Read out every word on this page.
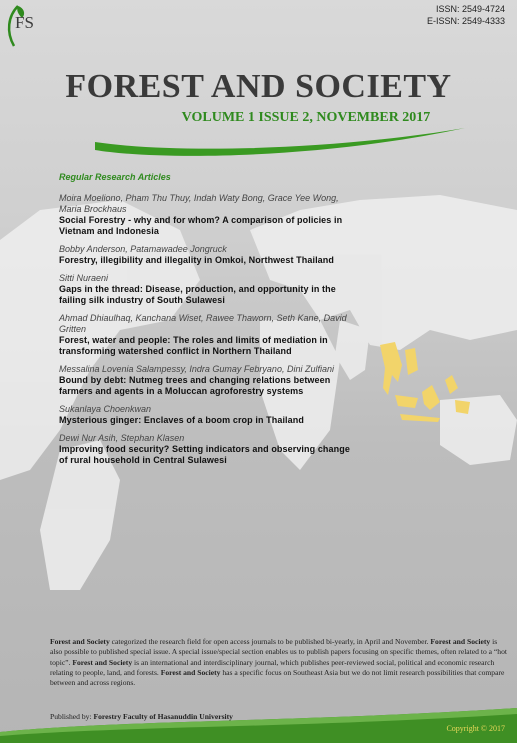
FS
ISSN: 2549-4724
E-ISSN: 2549-4333
FOREST AND SOCIETY
VOLUME 1 ISSUE 2, NOVEMBER 2017
Regular Research Articles
Moira Moeliono, Pham Thu Thuy, Indah Waty Bong, Grace Yee Wong, Maria Brockhaus
Social Forestry - why and for whom? A comparison of policies in Vietnam and Indonesia
Bobby Anderson, Patamawadee Jongruck
Forestry, illegibility and illegality in Omkoi, Northwest Thailand
Sitti Nuraeni
Gaps in the thread: Disease, production, and opportunity in the failing silk industry of South Sulawesi
Ahmad Dhiaulhaq, Kanchana Wiset, Rawee Thaworn, Seth Kane, David Gritten
Forest, water and people: The roles and limits of mediation in transforming watershed conflict in Northern Thailand
Messalina Lovenia Salampessy, Indra Gumay Febryano, Dini Zulfiani
Bound by debt: Nutmeg trees and changing relations between farmers and agents in a Moluccan agroforestry systems
Sukanlaya Choenkwan
Mysterious ginger: Enclaves of a boom crop in Thailand
Dewi Nur Asih, Stephan Klasen
Improving food security? Setting indicators and observing change of rural household in Central Sulawesi
Forest and Society categorized the research field for open access journals to be published bi-yearly, in April and November. Forest and Society is also possible to published special issue. A special issue/special section enables us to publish papers focusing on specific themes, often related to a “hot topic”. Forest and Society is an international and interdisciplinary journal, which publishes peer-reviewed social, political and economic research relating to people, land, and forests. Forest and Society has a specific focus on Southeast Asia but we do not limit research possibilities that compare between and across regions.
Published by: Forestry Faculty of Hasanuddin University
Copyright © 2017
